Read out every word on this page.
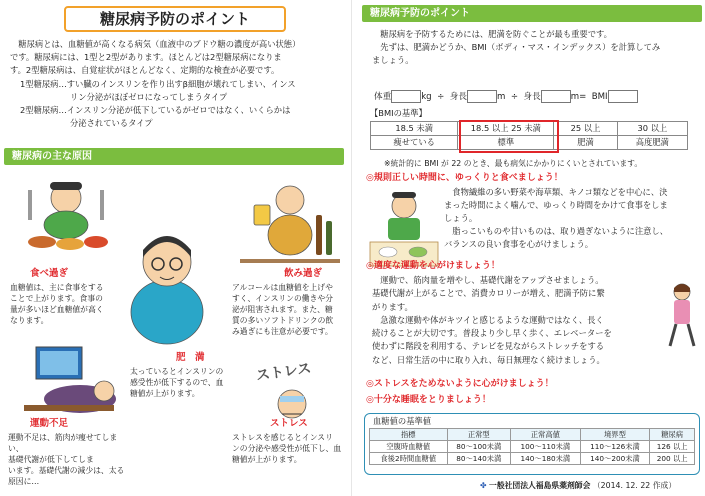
糖尿病予防のポイント
糖尿病とは、血糖値が高くなる病気（血液中のブドウ糖の濃度が高い状態）
です。糖尿病には、1型と2型があります。ほとんどは2型糖尿病になりま
す。2型糖尿病は、自覚症状がほとんどなく、定期的な検査が必要です。
1型糖尿病…すい臓のインスリンを作り出すβ細胞が壊れてしまい、インス
リン分泌がほぼゼロになってしまうタイプ
2型糖尿病…インスリン分泌が低下しているがゼロではなく、いくらかは
分泌されているタイプ
糖尿病の主な原因
食べ過ぎ
血糖値は、主に食事をする
ことで上がります。食事の
量が多いほど血糖値が高く
なります。
肥　満
太っているとインスリンの
感受性が低下するので、血
糖値が上がります。
飲み過ぎ
アルコールは血糖値を上げや
すく、インスリンの働きや分
泌が阻害されます。また、糖
質の多いソフトドリンクの飲
み過ぎにも注意が必要です。
運動不足
運動不足は、筋肉が痩せてしまい、
基礎代謝が低下してしま
います。基礎代謝の減少は、太る
原因に…
ストレス
ストレス
ストレスを感じるとインスリ
ンの分泌や感受性が低下し、血
糖値が上がります。
糖尿病予防のポイント
糖尿病を予防するためには、肥満を防ぐことが最も重要です。
先ずは、肥満かどうか、BMI（ボディ・マス・インデックス）を計算してみ
ましょう。
体重	kg ÷ 身長	m ÷ 身長	m= BMI
【BMIの基準】
18.5 未満	18.5 以上 25 未満	25 以上	30 以上
痩せている	標準	肥満	高度肥満
※統計的に BMI が 22 のとき、最も病気にかかりにくいとされています。
◎規則正しい時間に、ゆっくりと食べましょう！
食物繊維の多い野菜や海草類、キノコ類などを中心に、決
まった時間によく噛んで、ゆっくり時間をかけて食事をしま
しょう。
脂っこいものや甘いものは、取り過ぎないように注意し、
バランスの良い食事を心がけましょう。
◎適度な運動を心がけましょう！
運動で、筋肉量を増やし、基礎代謝をアップさせましょう。
基礎代謝が上がることで、消費カロリーが増え、肥満予防に繋
がります。
急激な運動や体がキツイと感じるような運動ではなく、長く
続けることが大切です。普段より少し早く歩く、エレベーターを
使わずに階段を利用する、テレビを見ながらストレッチをする
など、日常生活の中に取り入れ、毎日無理なく続けましょう。
◎ストレスをためないように心がけましょう！
◎十分な睡眠をとりましょう！
血糖値の基準値
指標	正常型	正常高値	境界型	糖尿病
空腹時血糖値	80～100未満	100～110未満	110～126未満	126 以上
食後2時間血糖値	80～140未満	140～180未満	140～200未満	200 以上
✤ 一般社団法人福島県薬剤師会 （2014. 12. 22 作成）
